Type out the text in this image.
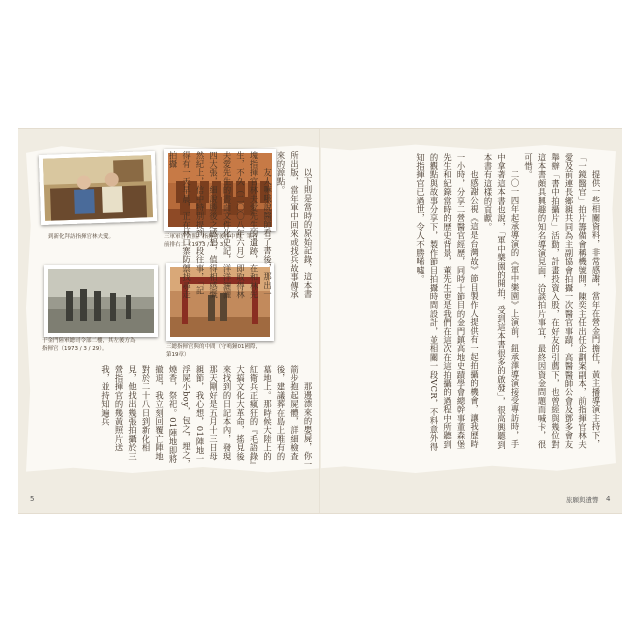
到新化拜訪指揮官林夫愛。	三軍軍官合照，指揮官後排中間，筆者
前排右二（1973 / 1 / 3）。
于金門陸軍總司令部二樓，其左後方為
指揮官（1973 / 3 / 29）。	三總指揮官與的中間（守鳴鐘01國際，
第19章）

以下則是當時的原始記錄，這本書所出版，當年軍中回來或找兵故事傳承來的源點。

友人嘛哦說醫師看了書後，那出一塊指揮官林夫愛先生的遺跡，在和林先生，不久（二〇〇八年六月）即取得林夫愛先生的書面文件化史記，洋洋灑灑四大張，細說勝後之感想，值得相感慨然紀上，信中特別提到一段往事，「記得有一天早晨，正在林口寨防禦找尋走拍攝

那邊漂來的嬰屍，你一箭步抱起屍體，詳細檢查後，建議葬在島上唯有的墓地上。那時候大陸上的紅衛兵正瘋狂的『毛語錄』大搞文化大革命，搖見後來找到的日記本內，發現那天剛好是五月十三日母親節，我心想，01陣地一浮屍小boy，包之，埋之，燒香，祭祀。01陣地即將撤退，我立刻回覆亡陣地對於二十八日到新化相見，他找出幾張拍攝於三營指揮官的幾黃照片送我，並持知遍兵	提供一些相關資料，非常感謝，當年在營金門擔任，黃主播導演主持下，「一鏡醫官」拍片籌備會稱機號開，陳奕主任出任企劃案副本，前指揮官林夫愛及前連長鄉親共同為主副協會拍攝一次醫官事蹟，高醫醫師公會及鄧多會友舉辦「書中拍攝片」活動，計畫投資入股，在好友的引薦下，也曾經與幾位對這本書頗具興趣的知名導演見面，洽談拍片事宜，最終因資金問題而喊卡，很可惜。

二〇一四年起承導演的《軍中樂園》上演前，鈕承澤導演接受專訪時，手中拿著這本書也說，「軍中樂園的開拍，受到這本書很多的啟發」，很高興聽到本書有這樣的貢獻。

也感謝公視《這是台灣故》節目製作人提供有一起拍攝的機會，讓我歷時一小時，分享二營醫官經歷，同時十節目的金門鎮高地史蹟學會總幹事董森堡先生和紀錄當時的歷史背景，董先生更是我們在這次在這拍攝的過程中所聽到的觀點與故事分享下，製作節目拍攝時間設計，並相關一段VCR，不料意外得知指揮官已過世，令人不勝唏噓。

5	旅願與遺響 4
